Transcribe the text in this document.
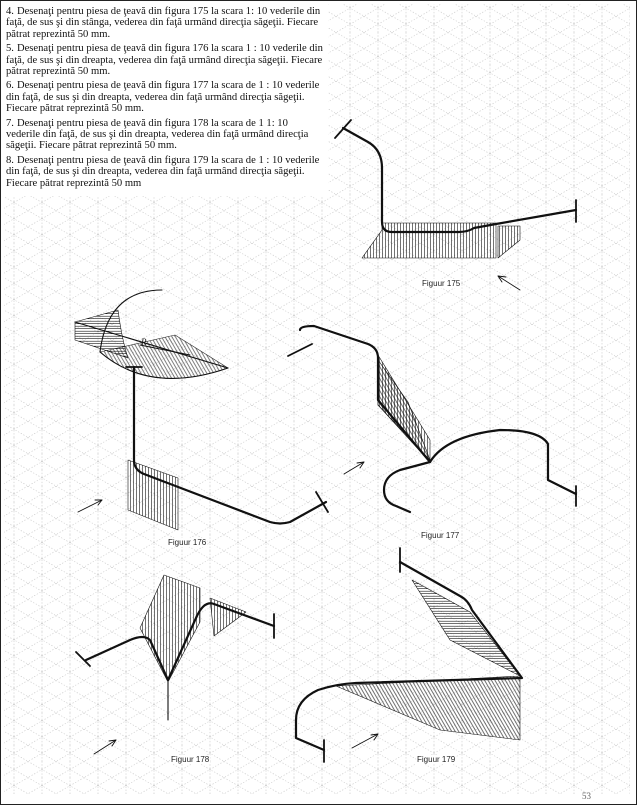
R
4. Desenaţi pentru piesa de ţeavă din figura 175 la scara 1: 10 vederile din faţă, de sus şi din stânga, vederea din faţă urmând direcţia săgeţii. Fiecare pătrat reprezintă 50 mm.
5. Desenaţi pentru piesa de ţeavă din figura 176 la scara 1 : 10 vederile din faţă, de sus şi din dreapta, vederea din faţă urmând direcţia săgeţii. Fiecare pătrat reprezintă 50 mm.
6. Desenaţi pentru piesa de ţeavă din figura 177 la scara de 1 : 10 vederile din faţă, de sus şi din dreapta, vederea din faţă urmând direcţia săgeţii. Fiecare pătrat reprezintă 50 mm.
7. Desenaţi pentru piesa de ţeavă din figura 178 la scara de 1 1: 10 vederile din faţă, de sus şi din dreapta, vederea din faţă urmând direcţia săgeţii. Fiecare pătrat reprezintă 50 mm.
8. Desenaţi pentru piesa de ţeavă din figura 179 la scara de 1 : 10 vederile din faţă, de sus şi din dreapta, vederea din faţă urmând direcţia săgeţii. Fiecare pătrat reprezintă 50 mm
Figuur 175
Figuur 176
Figuur 177
Figuur 178	Figuur 179
53
